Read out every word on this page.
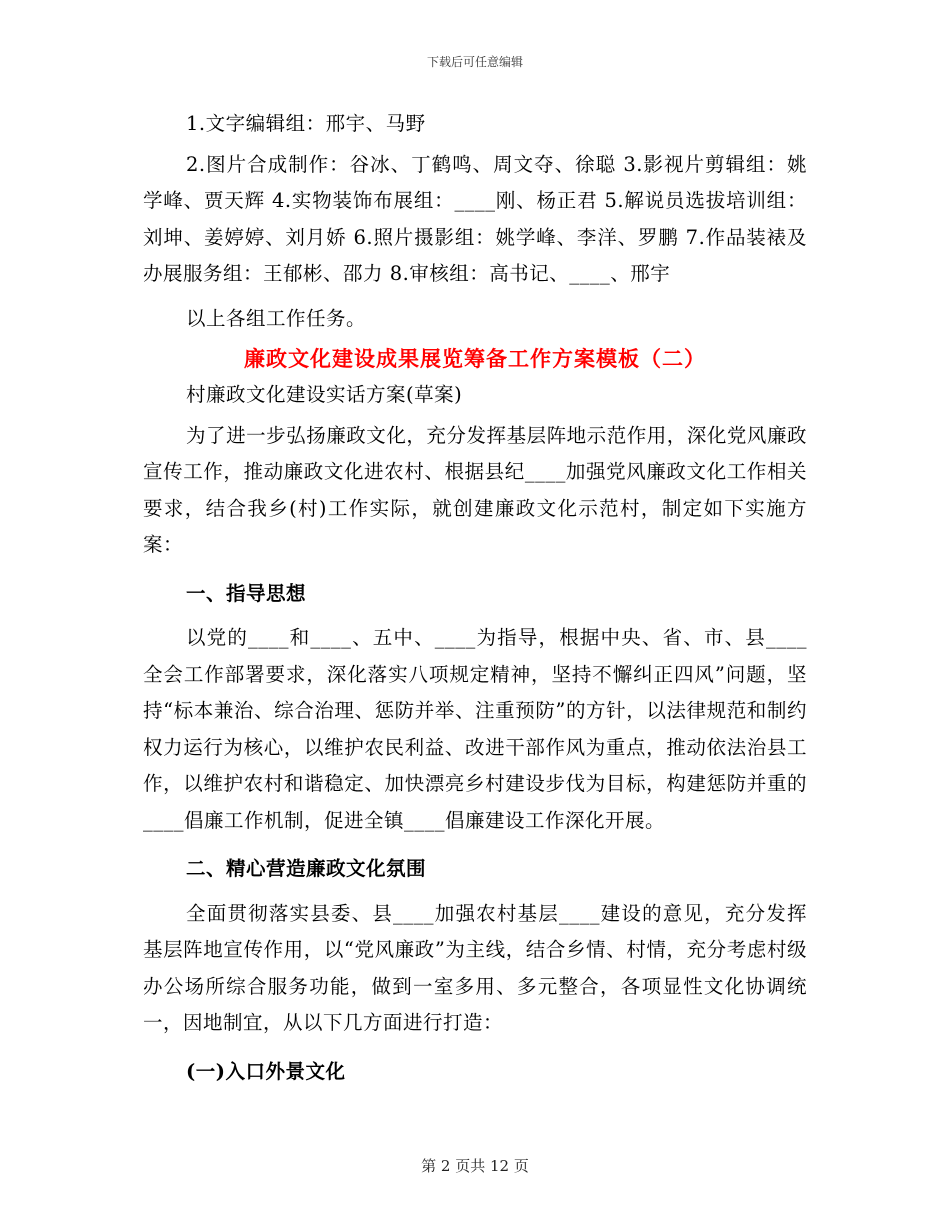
下载后可任意编辑

1.文字编辑组：邢宇、马野

2.图片合成制作：谷冰、丁鹤鸣、周文夺、徐聪 3.影视片剪辑组：姚学峰、贾天辉 4.实物装饰布展组：____刚、杨正君 5.解说员选拔培训组：刘坤、姜婷婷、刘月娇 6.照片摄影组：姚学峰、李洋、罗鹏 7.作品装裱及办展服务组：王郁彬、邵力 8.审核组：高书记、____、邢宇

以上各组工作任务。

廉政文化建设成果展览筹备工作方案模板（二）

村廉政文化建设实话方案(草案)

为了进一步弘扬廉政文化，充分发挥基层阵地示范作用，深化党风廉政宣传工作，推动廉政文化进农村、根据县纪____加强党风廉政文化工作相关要求，结合我乡(村)工作实际，就创建廉政文化示范村，制定如下实施方案：

一、指导思想

以党的____和____、五中、____为指导，根据中央、省、市、县____全会工作部署要求，深化落实八项规定精神，坚持不懈纠正四风”问题，坚持“标本兼治、综合治理、惩防并举、注重预防”的方针，以法律规范和制约权力运行为核心，以维护农民利益、改进干部作风为重点，推动依法治县工作，以维护农村和谐稳定、加快漂亮乡村建设步伐为目标，构建惩防并重的____倡廉工作机制，促进全镇____倡廉建设工作深化开展。

二、精心营造廉政文化氛围

全面贯彻落实县委、县____加强农村基层____建设的意见，充分发挥基层阵地宣传作用，以“党风廉政”为主线，结合乡情、村情，充分考虑村级办公场所综合服务功能，做到一室多用、多元整合，各项显性文化协调统一，因地制宜，从以下几方面进行打造：

(一)入口外景文化

第 2 页共 12 页
